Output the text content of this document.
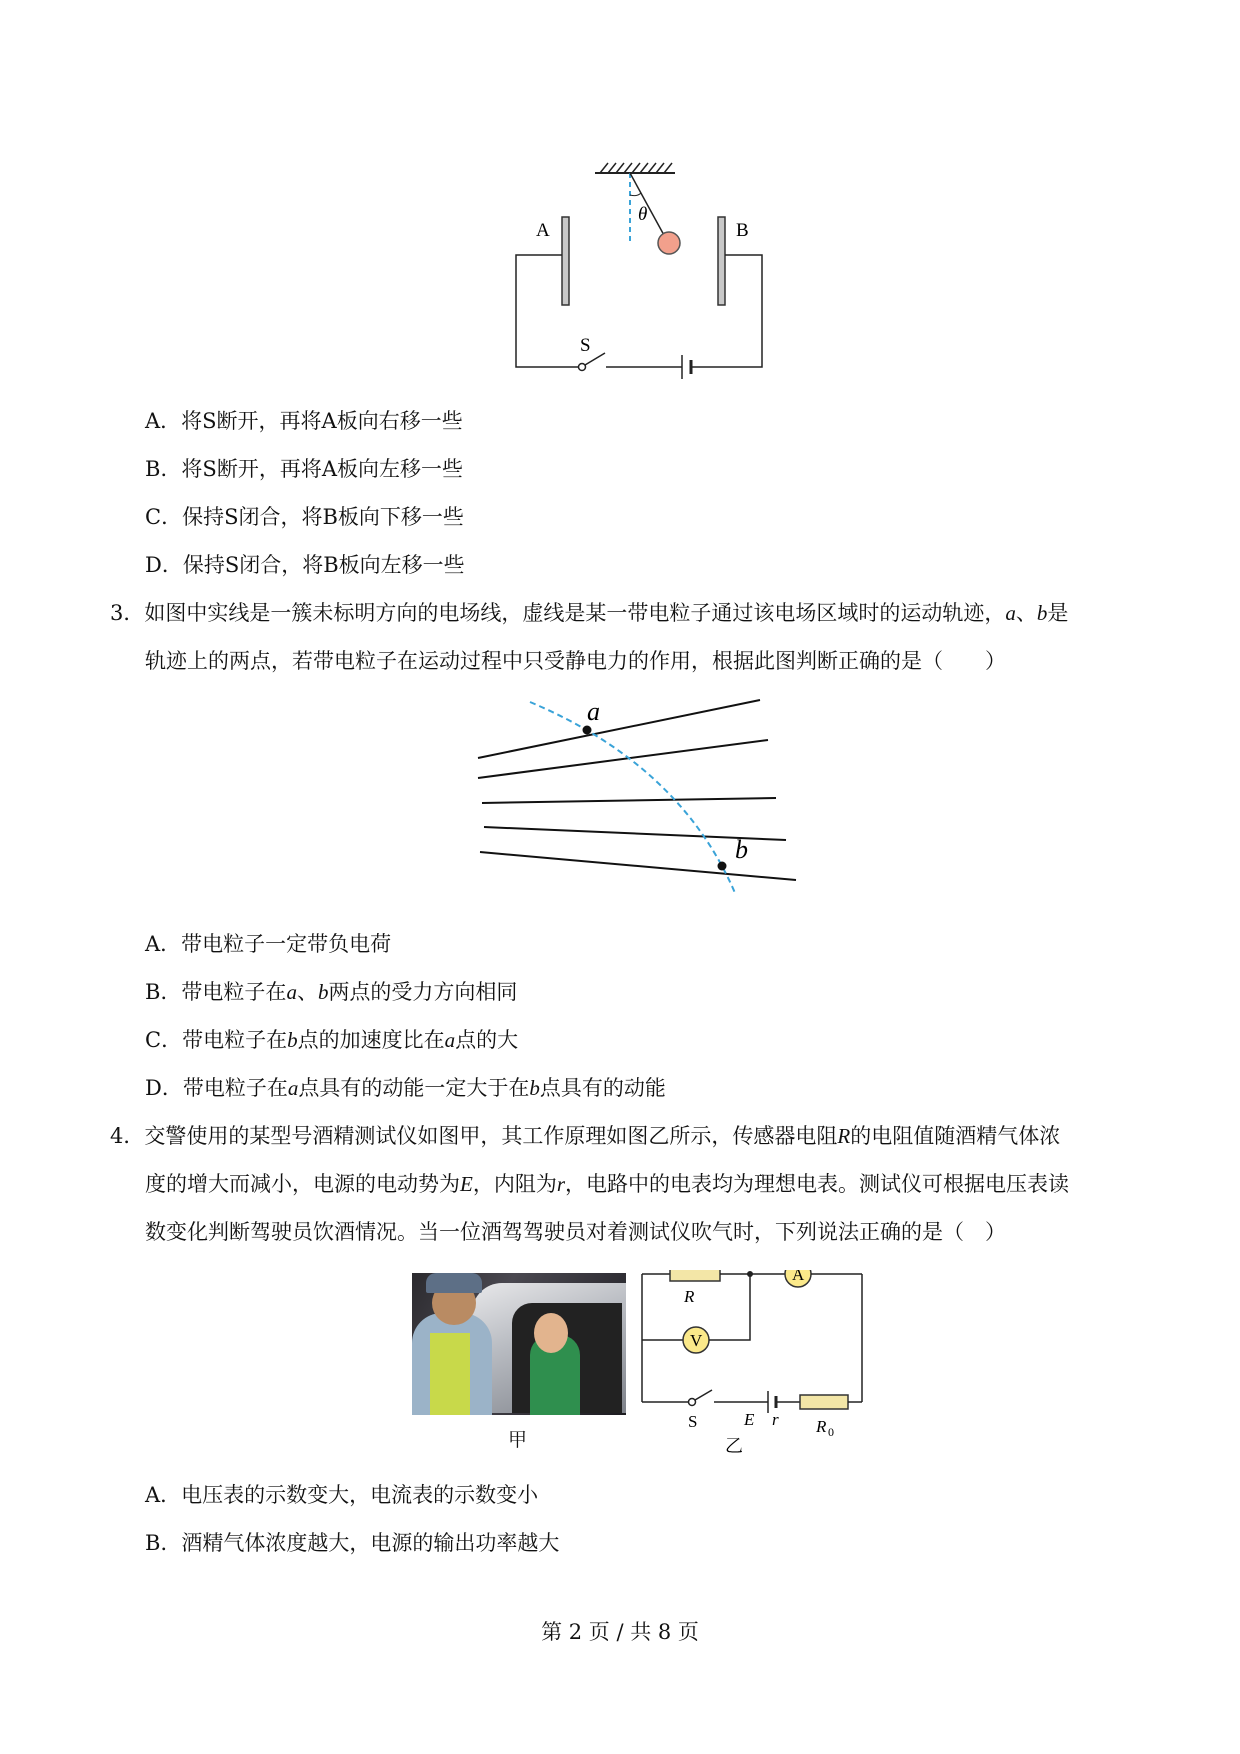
θ
A	B
S
A．将S断开，再将A板向右移一些
B．将S断开，再将A板向左移一些
C．保持S闭合，将B板向下移一些
D．保持S闭合，将B板向左移一些
3．如图中实线是一簇未标明方向的电场线，虚线是某一带电粒子通过该电场区域时的运动轨迹，a、b是
轨迹上的两点，若带电粒子在运动过程中只受静电力的作用，根据此图判断正确的是（　　）
a
b
A．带电粒子一定带负电荷
B．带电粒子在a、b两点的受力方向相同
C．带电粒子在b点的加速度比在a点的大
D．带电粒子在a点具有的动能一定大于在b点具有的动能
4．交警使用的某型号酒精测试仪如图甲，其工作原理如图乙所示，传感器电阻R的电阻值随酒精气体浓
度的增大而减小，电源的电动势为E，内阻为r，电路中的电表均为理想电表。测试仪可根据电压表读
数变化判断驾驶员饮酒情况。当一位酒驾驾驶员对着测试仪吹气时，下列说法正确的是（　）
甲
A
R
V
S	E r R 0
乙
A．电压表的示数变大，电流表的示数变小
B．酒精气体浓度越大，电源的输出功率越大
第 2 页 / 共 8 页
